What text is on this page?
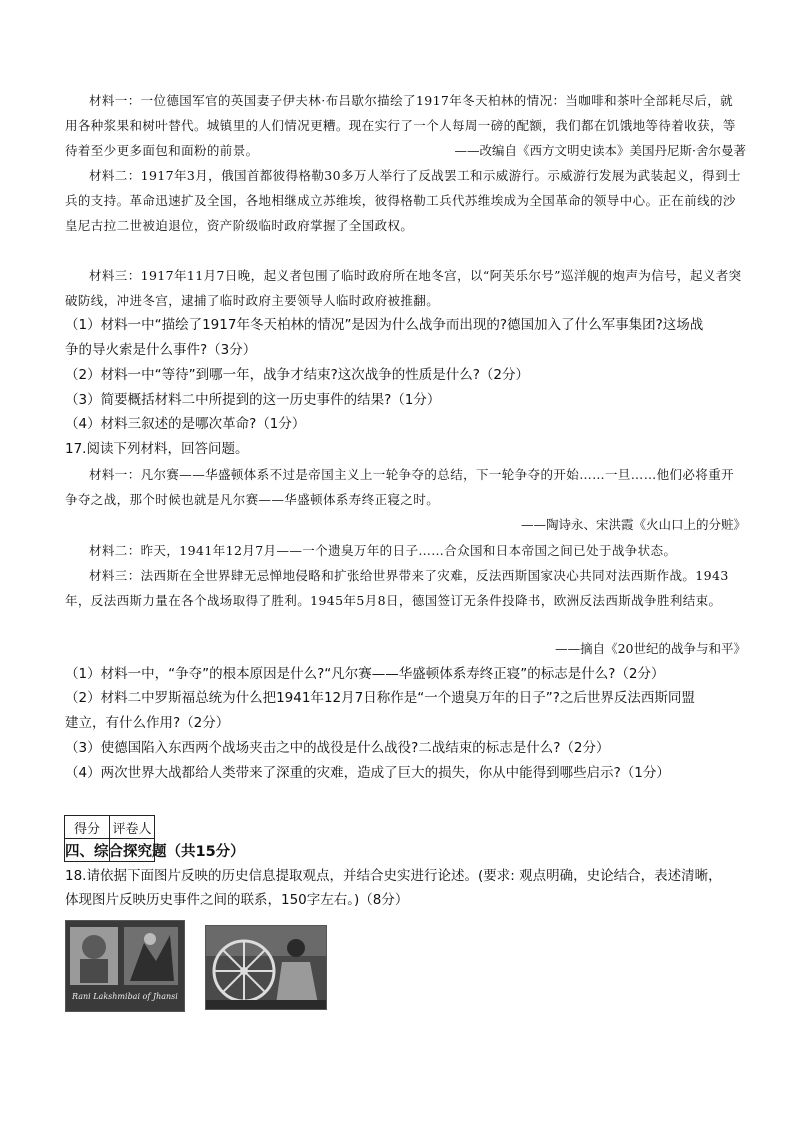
材料一：一位德国军官的英国妻子伊夫林·布吕歇尔描绘了1917年冬天柏林的情况：当咖啡和茶叶全部耗尽后，就用各种浆果和树叶替代。城镇里的人们情况更糟。现在实行了一个人每周一磅的配额，我们都在饥饿地等待着收获，等待着至少更多面包和面粉的前景。	——改编自《西方文明史读本》美国丹尼斯·舍尔曼著
材料二：1917年3月，俄国首都彼得格勒30多万人举行了反战罢工和示威游行。示威游行发展为武装起义，得到士兵的支持。革命迅速扩及全国，各地相继成立苏维埃，彼得格勒工兵代苏维埃成为全国革命的领导中心。正在前线的沙皇尼古拉二世被迫退位，资产阶级临时政府掌握了全国政权。
材料三：1917年11月7日晚，起义者包围了临时政府所在地冬宫，以“阿芙乐尔号”巡洋舰的炮声为信号，起义者突破防线，冲进冬宫，逮捕了临时政府主要领导人临时政府被推翻。
（1）材料一中“描绘了1917年冬天柏林的情况”是因为什么战争而出现的?德国加入了什么军事集团?这场战
争的导火索是什么事件?（3分）
（2）材料一中“等待”到哪一年，战争才结束?这次战争的性质是什么?（2分）
（3）简要概括材料二中所提到的这一历史事件的结果?（1分）
（4）材料三叙述的是哪次革命?（1分）
17.阅读下列材料，回答问题。
材料一：凡尔赛——华盛顿体系不过是帝国主义上一轮争夺的总结，下一轮争夺的开始……一旦……他们必将重开争夺之战，那个时候也就是凡尔赛——华盛顿体系寿终正寝之时。
——陶诗永、宋洪霞《火山口上的分赃》
材料二：昨天，1941年12月7月——一个遗臭万年的日子……合众国和日本帝国之间已处于战争状态。
材料三：法西斯在全世界肆无忌惮地侵略和扩张给世界带来了灾难，反法西斯国家决心共同对法西斯作战。1943年，反法西斯力量在各个战场取得了胜利。1945年5月8日，德国签订无条件投降书，欧洲反法西斯战争胜利结束。
——摘自《20世纪的战争与和平》
（1）材料一中，“争夺”的根本原因是什么?“凡尔赛——华盛顿体系寿终正寝”的标志是什么?（2分）
（2）材料二中罗斯福总统为什么把1941年12月7日称作是“一个遗臭万年的日子”?之后世界反法西斯同盟
建立，有什么作用?（2分）
（3）使德国陷入东西两个战场夹击之中的战役是什么战役?二战结束的标志是什么?（2分）
（4）两次世界大战都给人类带来了深重的灾难，造成了巨大的损失，你从中能得到哪些启示?（1分）
得分	评卷人

四、综合探究题（共15分）
18.请依据下面图片反映的历史信息提取观点，并结合史实进行论述。(要求: 观点明确，史论结合，表述清晰，
体现图片反映历史事件之间的联系，150字左右。)（8分）
Rani Lakshmibai of Jhansi
